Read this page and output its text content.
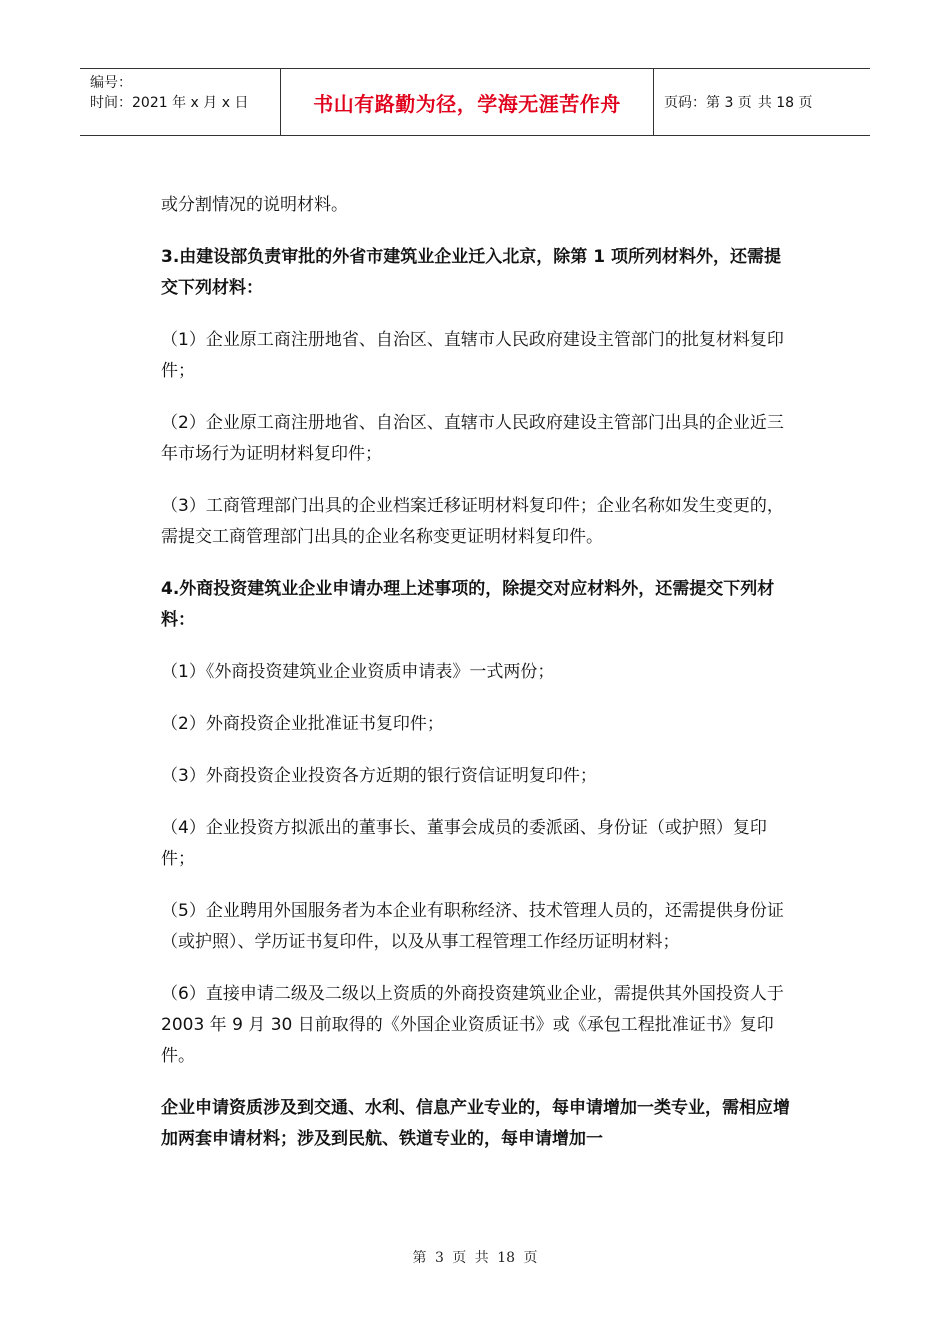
编号：
时间：2021 年 x 月 x 日	书山有路勤为径，学海无涯苦作舟	页码：第 3 页 共 18 页

或分割情况的说明材料。

3.由建设部负责审批的外省市建筑业企业迁入北京，除第 1 项所列材料外，还需提交下列材料：

（1）企业原工商注册地省、自治区、直辖市人民政府建设主管部门的批复材料复印件；

（2）企业原工商注册地省、自治区、直辖市人民政府建设主管部门出具的企业近三年市场行为证明材料复印件；

（3）工商管理部门出具的企业档案迁移证明材料复印件；企业名称如发生变更的，需提交工商管理部门出具的企业名称变更证明材料复印件。

4.外商投资建筑业企业申请办理上述事项的，除提交对应材料外，还需提交下列材料：

（1）《外商投资建筑业企业资质申请表》一式两份；

（2）外商投资企业批准证书复印件；

（3）外商投资企业投资各方近期的银行资信证明复印件；

（4）企业投资方拟派出的董事长、董事会成员的委派函、身份证（或护照）复印件；

（5）企业聘用外国服务者为本企业有职称经济、技术管理人员的，还需提供身份证（或护照）、学历证书复印件，以及从事工程管理工作经历证明材料；

（6）直接申请二级及二级以上资质的外商投资建筑业企业，需提供其外国投资人于 2003 年 9 月 30 日前取得的《外国企业资质证书》或《承包工程批准证书》复印件。

企业申请资质涉及到交通、水利、信息产业专业的，每申请增加一类专业，需相应增加两套申请材料；涉及到民航、铁道专业的，每申请增加一

第 3 页 共 18 页
